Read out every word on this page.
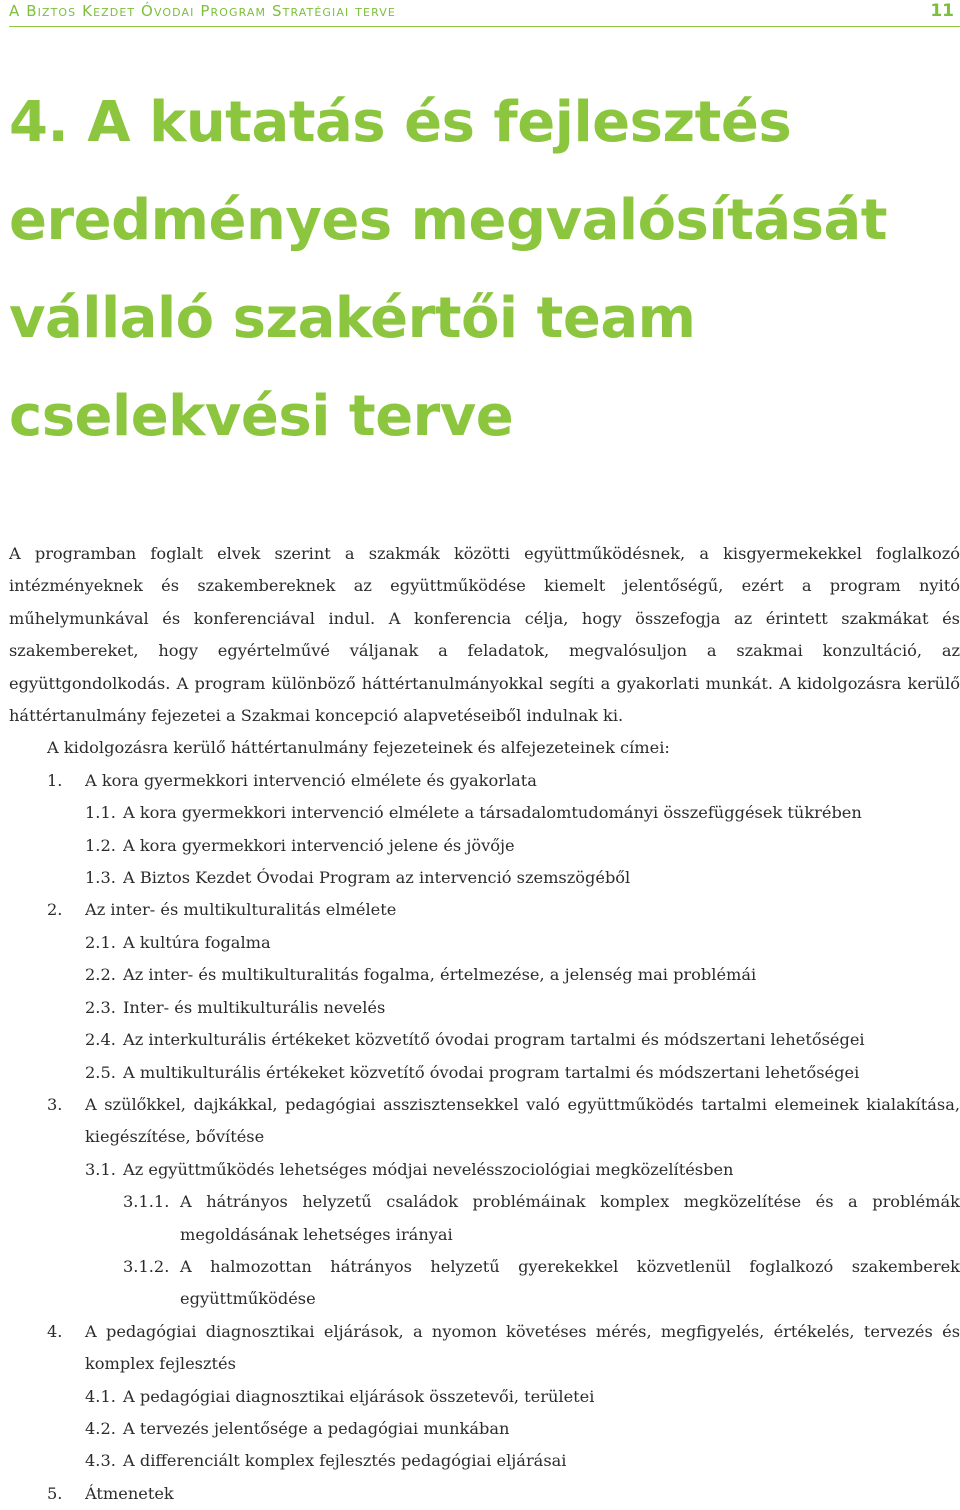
A Biztos Kezdet Óvodai Program Stratégiai terve	11
4. A kutatás és fejlesztés
eredményes megvalósítását
vállaló szakértői team
cselekvési terve

A programban foglalt elvek szerint a szakmák közötti együttműködésnek, a kisgyermekekkel foglalkozó intézményeknek és szakembereknek az együttműködése kiemelt jelentőségű, ezért a program nyitó műhelymunkával és konferenciával indul. A konferencia célja, hogy összefogja az érintett szakmákat és szakembereket, hogy egyértelművé váljanak a feladatok, megvalósuljon a szakmai konzultáció, az együttgondolkodás. A program különböző háttértanulmányokkal segíti a gyakorlati munkát. A kidolgozásra kerülő háttértanulmány fejezetei a Szakmai koncepció alapvetéseiből indulnak ki.

A kidolgozásra kerülő háttértanulmány fejezeteinek és alfejezeteinek címei:

1. A kora gyermekkori intervenció elmélete és gyakorlata
1.1. A kora gyermekkori intervenció elmélete a társadalomtudományi összefüggések tükrében
1.2. A kora gyermekkori intervenció jelene és jövője
1.3. A Biztos Kezdet Óvodai Program az intervenció szemszögéből
2. Az inter- és multikulturalitás elmélete
2.1. A kultúra fogalma
2.2. Az inter- és multikulturalitás fogalma, értelmezése, a jelenség mai problémái
2.3. Inter- és multikulturális nevelés
2.4. Az interkulturális értékeket közvetítő óvodai program tartalmi és módszertani lehetőségei
2.5. A multikulturális értékeket közvetítő óvodai program tartalmi és módszertani lehetőségei
3. A szülőkkel, dajkákkal, pedagógiai asszisztensekkel való együttműködés tartalmi elemeinek kialakítása, kiegészítése, bővítése
3.1. Az együttműködés lehetséges módjai nevelésszociológiai megközelítésben
3.1.1. A hátrányos helyzetű családok problémáinak komplex megközelítése és a problémák megoldásának lehetséges irányai
3.1.2. A halmozottan hátrányos helyzetű gyerekekkel közvetlenül foglalkozó szakemberek együttműködése
4. A pedagógiai diagnosztikai eljárások, a nyomon követéses mérés, megfigyelés, értékelés, tervezés és komplex fejlesztés
4.1. A pedagógiai diagnosztikai eljárások összetevői, területei
4.2. A tervezés jelentősége a pedagógiai munkában
4.3. A differenciált komplex fejlesztés pedagógiai eljárásai
5. Átmenetek
